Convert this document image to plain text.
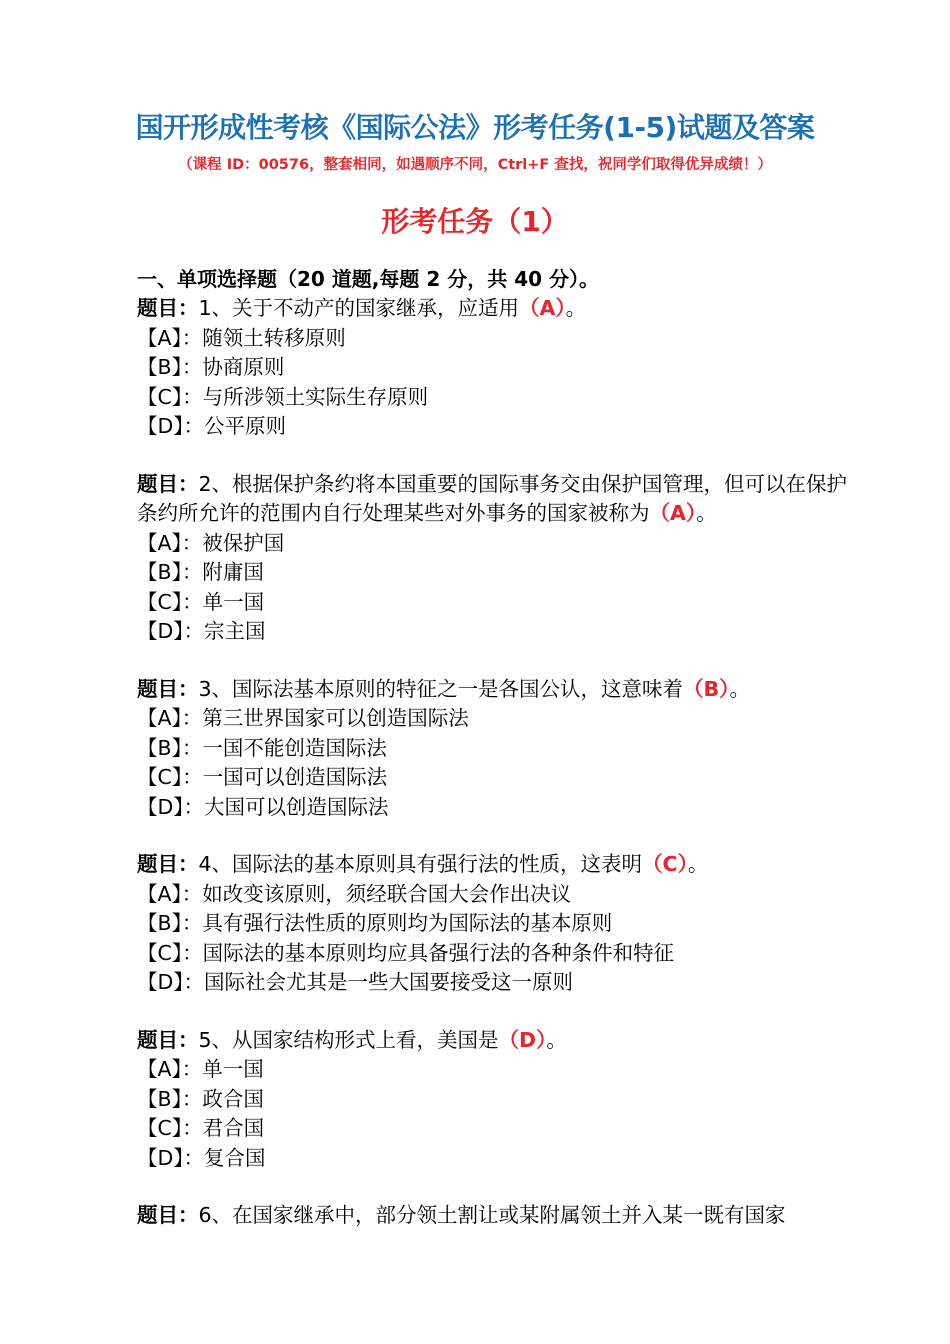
国开形成性考核《国际公法》形考任务(1-5)试题及答案
（课程 ID：00576，整套相同，如遇顺序不同，Ctrl+F 查找，祝同学们取得优异成绩！）
形考任务（1）
一、单项选择题（20 道题,每题 2 分，共 40 分）。
题目：1、关于不动产的国家继承，应适用（A）。
【A】：随领土转移原则
【B】：协商原则
【C】：与所涉领土实际生存原则
【D】：公平原则
题目：2、根据保护条约将本国重要的国际事务交由保护国管理，但可以在保护条约所允许的范围内自行处理某些对外事务的国家被称为（A）。
【A】：被保护国
【B】：附庸国
【C】：单一国
【D】：宗主国
题目：3、国际法基本原则的特征之一是各国公认，这意味着（B）。
【A】：第三世界国家可以创造国际法
【B】：一国不能创造国际法
【C】：一国可以创造国际法
【D】：大国可以创造国际法
题目：4、国际法的基本原则具有强行法的性质，这表明（C）。
【A】：如改变该原则，须经联合国大会作出决议
【B】：具有强行法性质的原则均为国际法的基本原则
【C】：国际法的基本原则均应具备强行法的各种条件和特征
【D】：国际社会尤其是一些大国要接受这一原则
题目：5、从国家结构形式上看，美国是（D）。
【A】：单一国
【B】：政合国
【C】：君合国
【D】：复合国
题目：6、在国家继承中，部分领土割让或某附属领土并入某一既有国家
